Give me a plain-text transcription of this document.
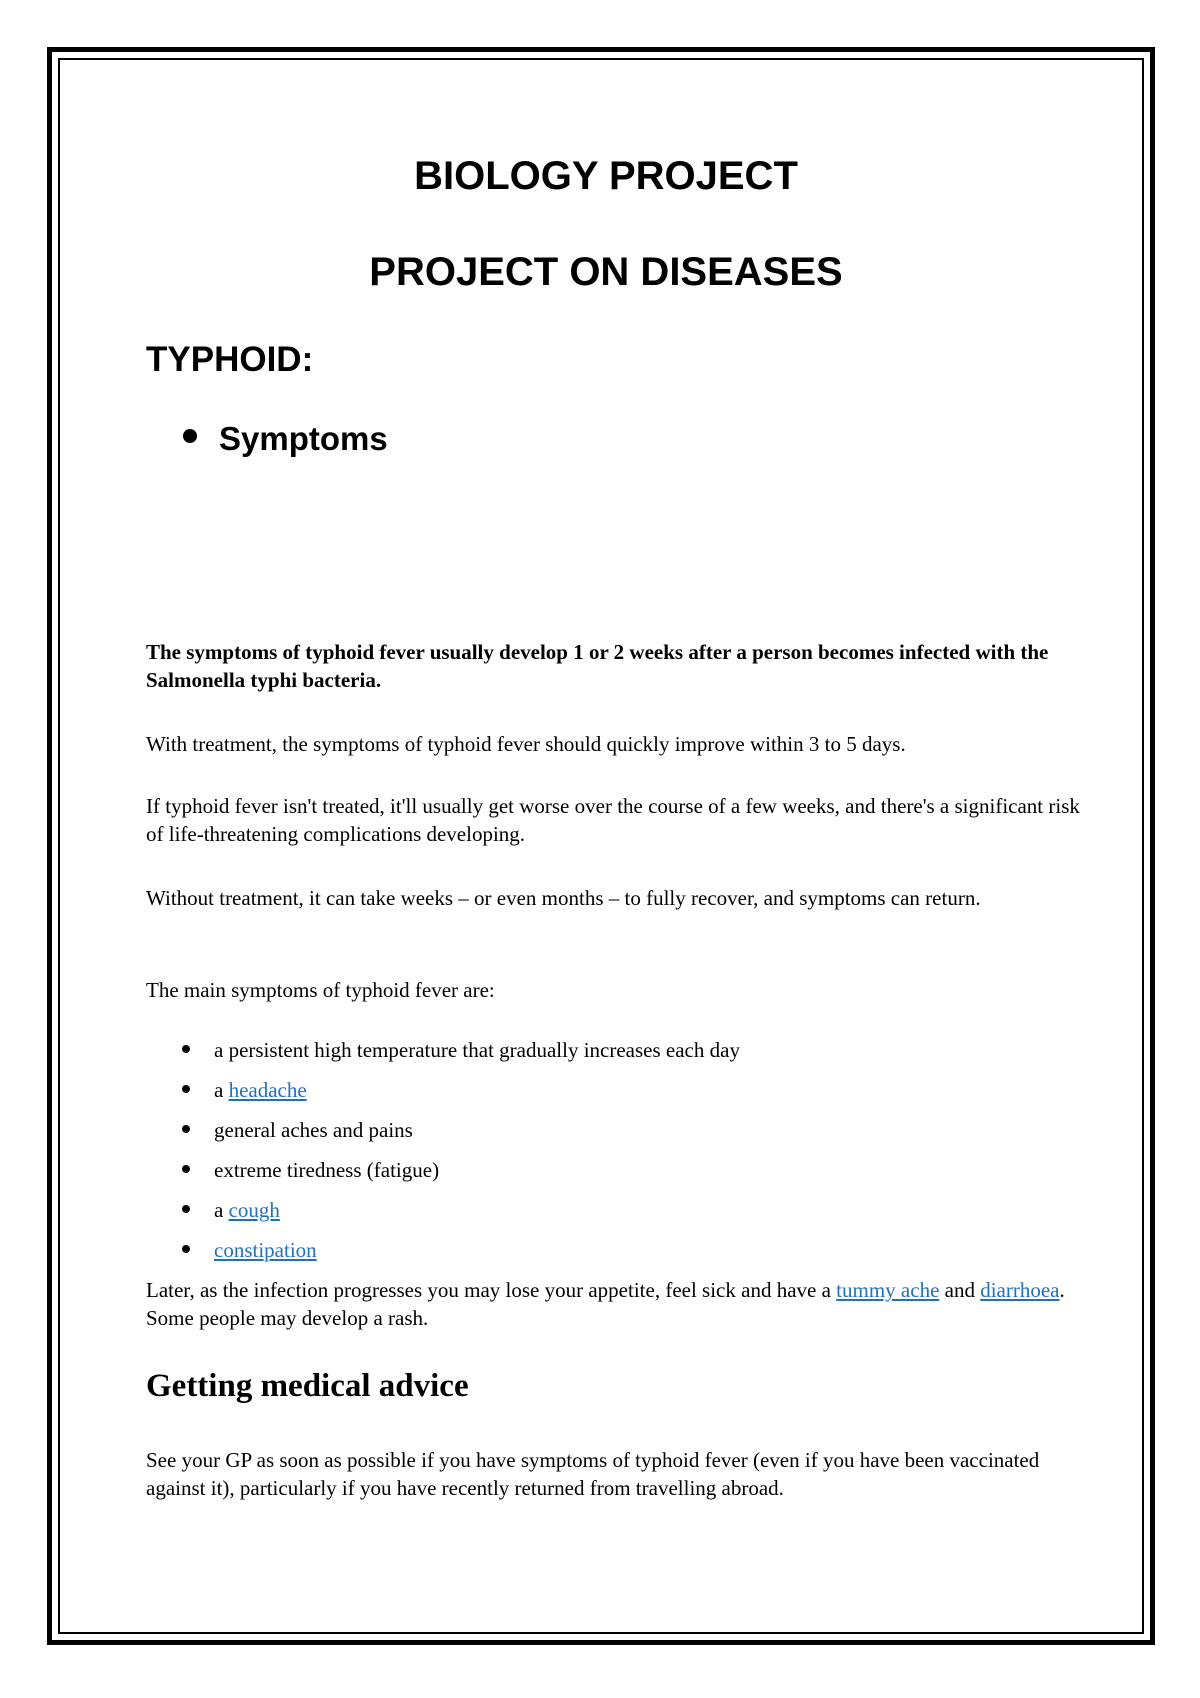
BIOLOGY PROJECT
PROJECT ON DISEASES
TYPHOID:
Symptoms
The symptoms of typhoid fever usually develop 1 or 2 weeks after a person becomes infected with the Salmonella typhi bacteria.
With treatment, the symptoms of typhoid fever should quickly improve within 3 to 5 days.
If typhoid fever isn't treated, it'll usually get worse over the course of a few weeks, and there's a significant risk of life-threatening complications developing.
Without treatment, it can take weeks – or even months – to fully recover, and symptoms can return.
The main symptoms of typhoid fever are:
a persistent high temperature that gradually increases each day
a headache
general aches and pains
extreme tiredness (fatigue)
a cough
constipation
Later, as the infection progresses you may lose your appetite, feel sick and have a tummy ache and diarrhoea. Some people may develop a rash.
Getting medical advice
See your GP as soon as possible if you have symptoms of typhoid fever (even if you have been vaccinated against it), particularly if you have recently returned from travelling abroad.
